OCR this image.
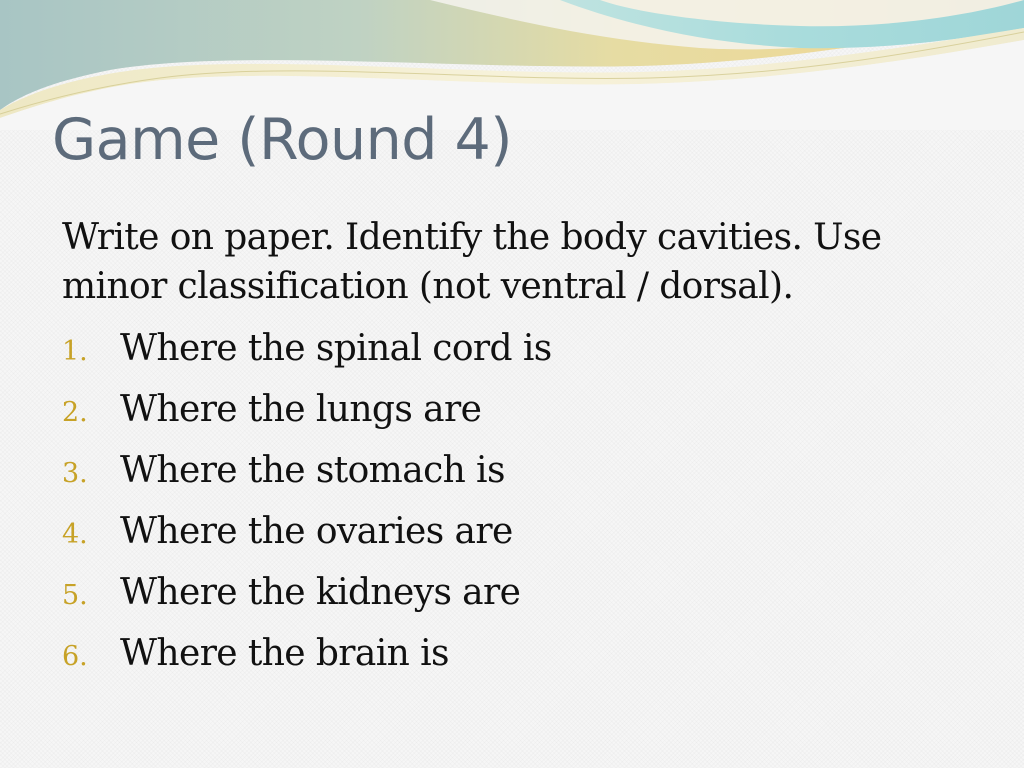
Game (Round 4)

Write on paper. Identify the body cavities. Use minor classification (not ventral / dorsal).

1. Where the spinal cord is
2. Where the lungs are
3. Where the stomach is
4. Where the ovaries are
5. Where the kidneys are
6. Where the brain is
